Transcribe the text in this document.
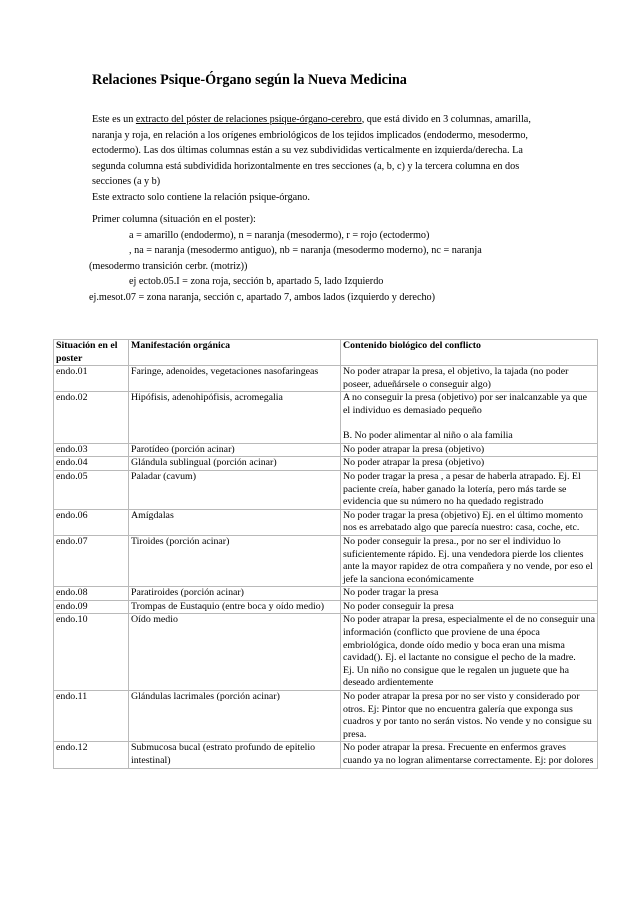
Relaciones Psique-Órgano según la Nueva Medicina

Este es un extracto del póster de relaciones psique-órgano-cerebro, que está divido en 3 columnas, amarilla, naranja y roja, en relación a los orígenes embriológicos de los tejidos implicados (endodermo, mesodermo, ectodermo). Las dos últimas columnas están a su vez subdivididas verticalmente en izquierda/derecha. La segunda columna está subdividida horizontalmente en tres secciones (a, b, c) y la tercera columna en dos secciones (a y b)

Este extracto solo contiene la relación psique-órgano.

Primer columna (situación en el poster):
a = amarillo (endodermo), n = naranja (mesodermo), r = rojo (ectodermo)
, na = naranja (mesodermo antiguo), nb = naranja (mesodermo moderno), nc = naranja
(mesodermo transición cerbr. (motriz))
ej ectob.05.I = zona roja, sección b, apartado 5, lado Izquierdo
ej.mesot.07 = zona naranja, sección c, apartado 7, ambos lados (izquierdo y derecho)
Situación en el poster	Manifestación orgánica	Contenido biológico del conflicto
endo.01	Faringe, adenoides, vegetaciones nasofaringeas	No poder atrapar la presa, el objetivo, la tajada (no poder poseer, adueñársele o conseguir algo)
endo.02	Hipófisis, adenohipófisis, acromegalia	A no conseguir la presa (objetivo) por ser inalcanzable ya que el individuo es demasiado pequeño
B. No poder alimentar al niño o ala familia

endo.03	Parotídeo (porción acinar)	No poder atrapar la presa (objetivo)
endo.04	Glándula sublingual (porción acinar)	No poder atrapar la presa (objetivo)
endo.05	Paladar (cavum)	No poder tragar la presa , a pesar de haberla atrapado. Ej. El paciente creía, haber ganado la lotería, pero más tarde se evidencia que su número no ha quedado registrado
endo.06	Amígdalas	No poder tragar la presa (objetivo) Ej. en el último momento nos es arrebatado algo que parecía nuestro: casa, coche, etc.
endo.07	Tiroides (porción acinar)	No poder conseguir la presa., por no ser el individuo lo suficientemente rápido. Ej. una vendedora pierde los clientes ante la mayor rapidez de otra compañera y no vende, por eso el jefe la sanciona económicamente
endo.08	Paratiroides (porción acinar)	No poder tragar la presa
endo.09	Trompas de Eustaquio (entre boca y oído medio)	No poder conseguir la presa
endo.10	Oído medio	No poder atrapar la presa, especialmente el de no conseguir una información (conflicto que proviene de una época embriológica, donde oído medio y boca eran una misma cavidad(). Ej. el lactante no consigue el pecho de la madre.
Ej. Un niño no consigue que le regalen un juguete que ha deseado ardientemente

endo.11	Glándulas lacrimales (porción acinar)	No poder atrapar la presa por no ser visto y considerado por otros. Ej: Pintor que no encuentra galería que exponga sus cuadros y por tanto no serán vistos. No vende y no consigue su presa.
endo.12	Submucosa bucal (estrato profundo de epitelio intestinal)	No poder atrapar la presa. Frecuente en enfermos graves cuando ya no logran alimentarse correctamente. Ej: por dolores
